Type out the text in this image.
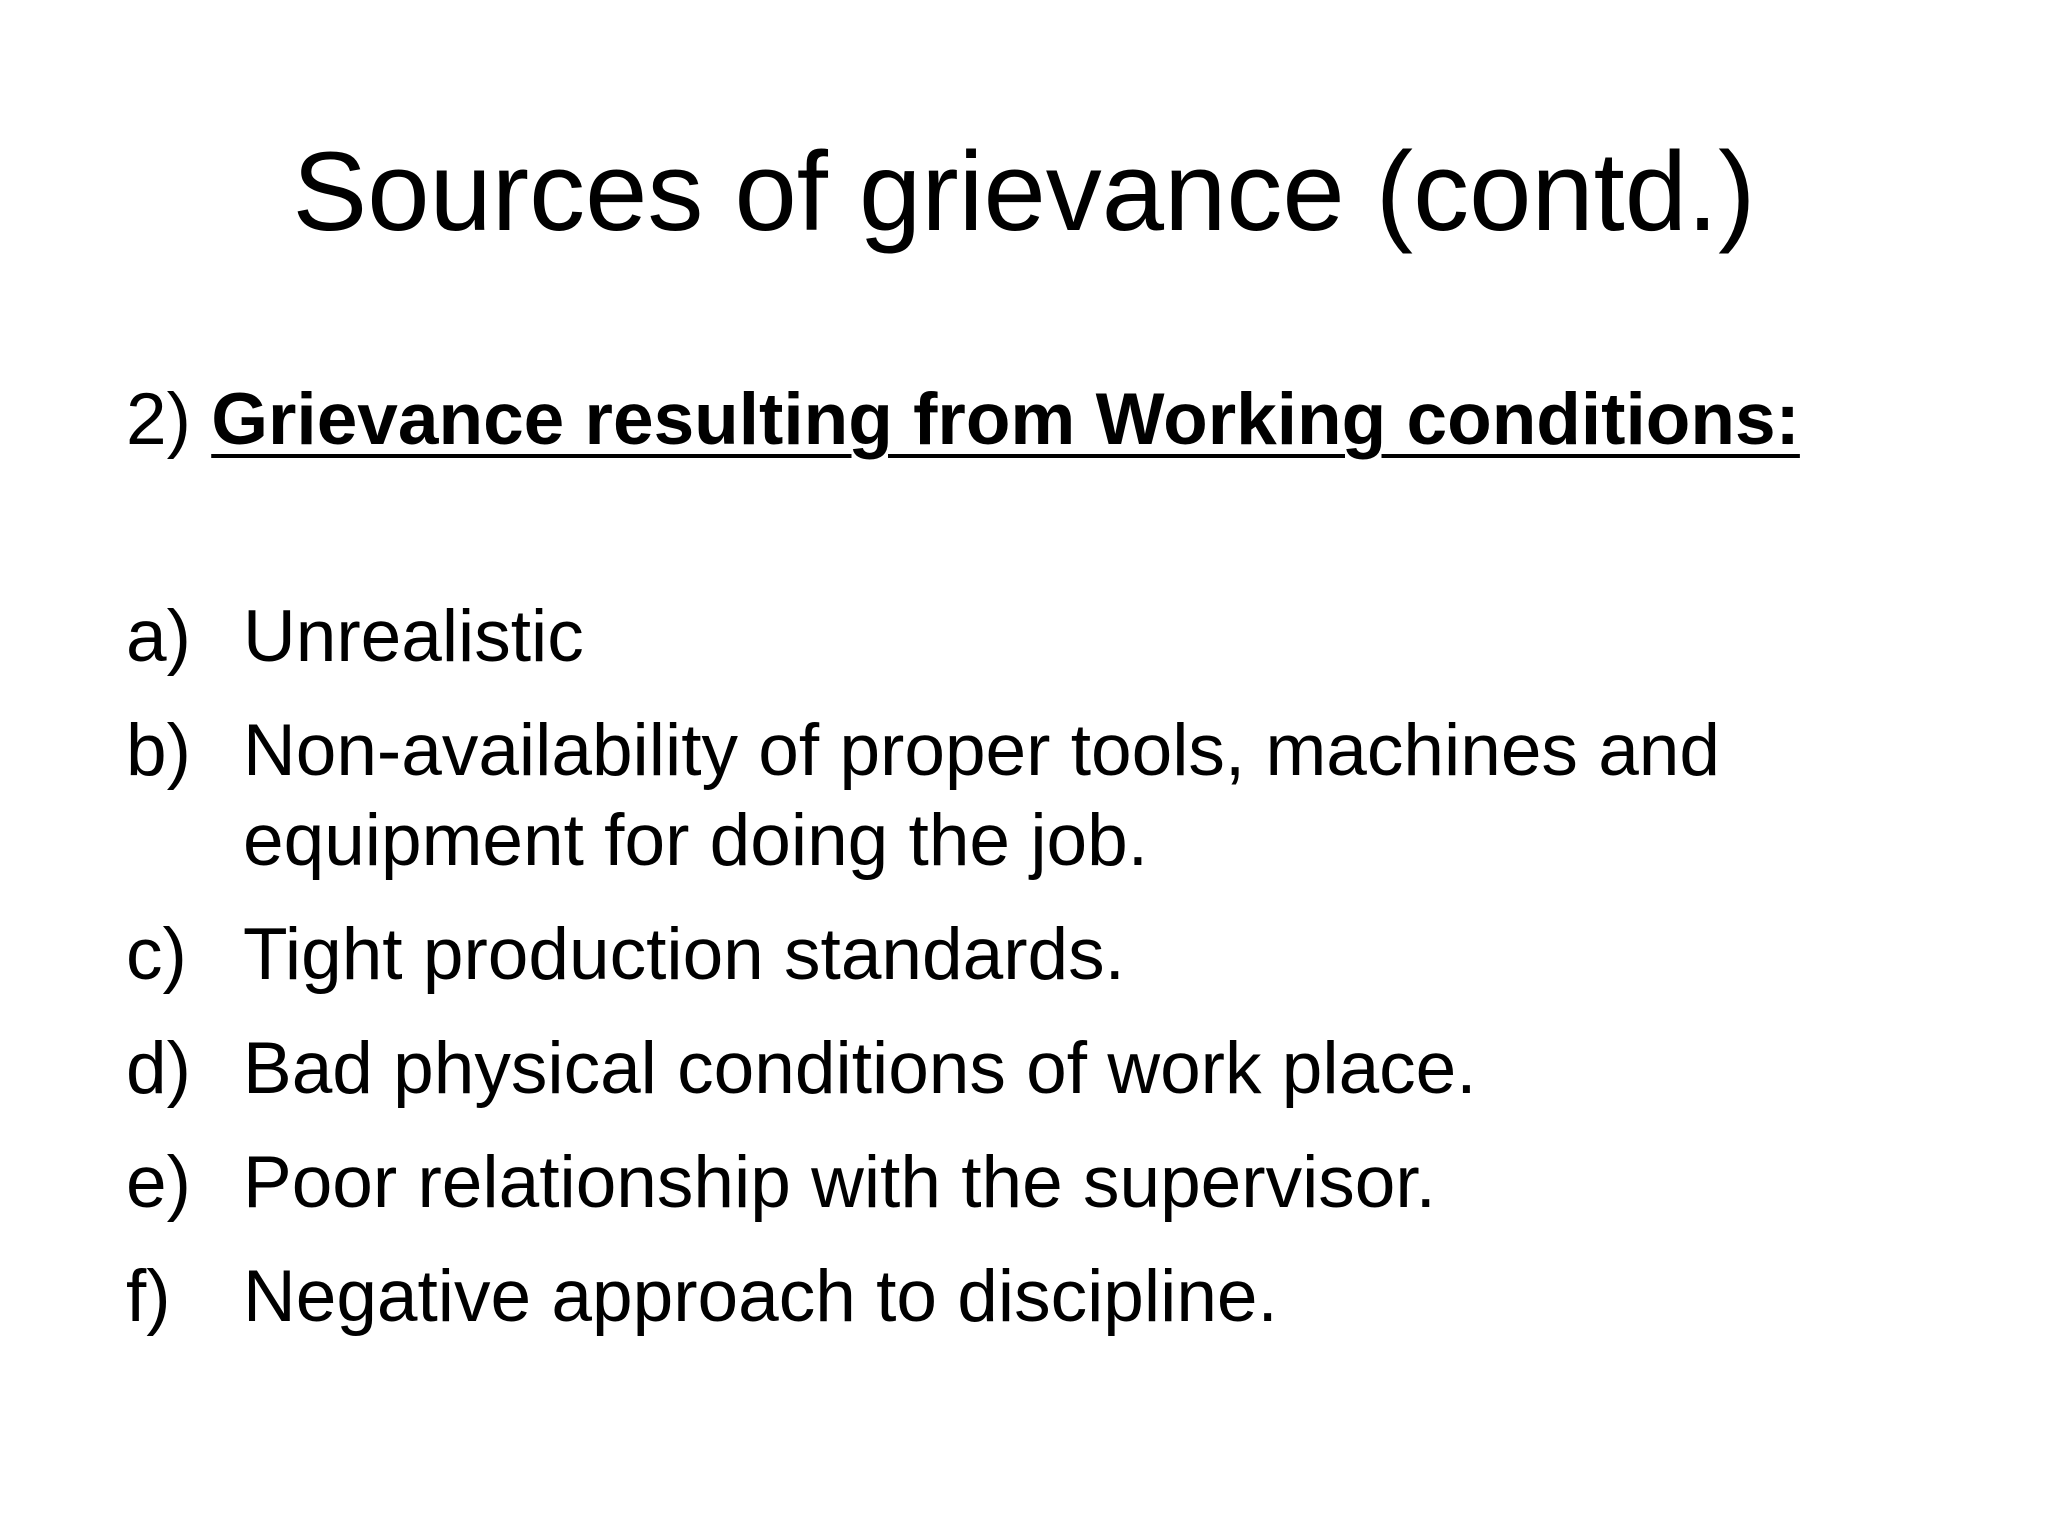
Sources of grievance (contd.)
2) Grievance resulting from Working conditions:
a) Unrealistic
b) Non-availability of proper tools, machines and equipment for doing the job.
c) Tight production standards.
d) Bad physical conditions of work place.
e) Poor relationship with the supervisor.
f) Negative approach to discipline.
